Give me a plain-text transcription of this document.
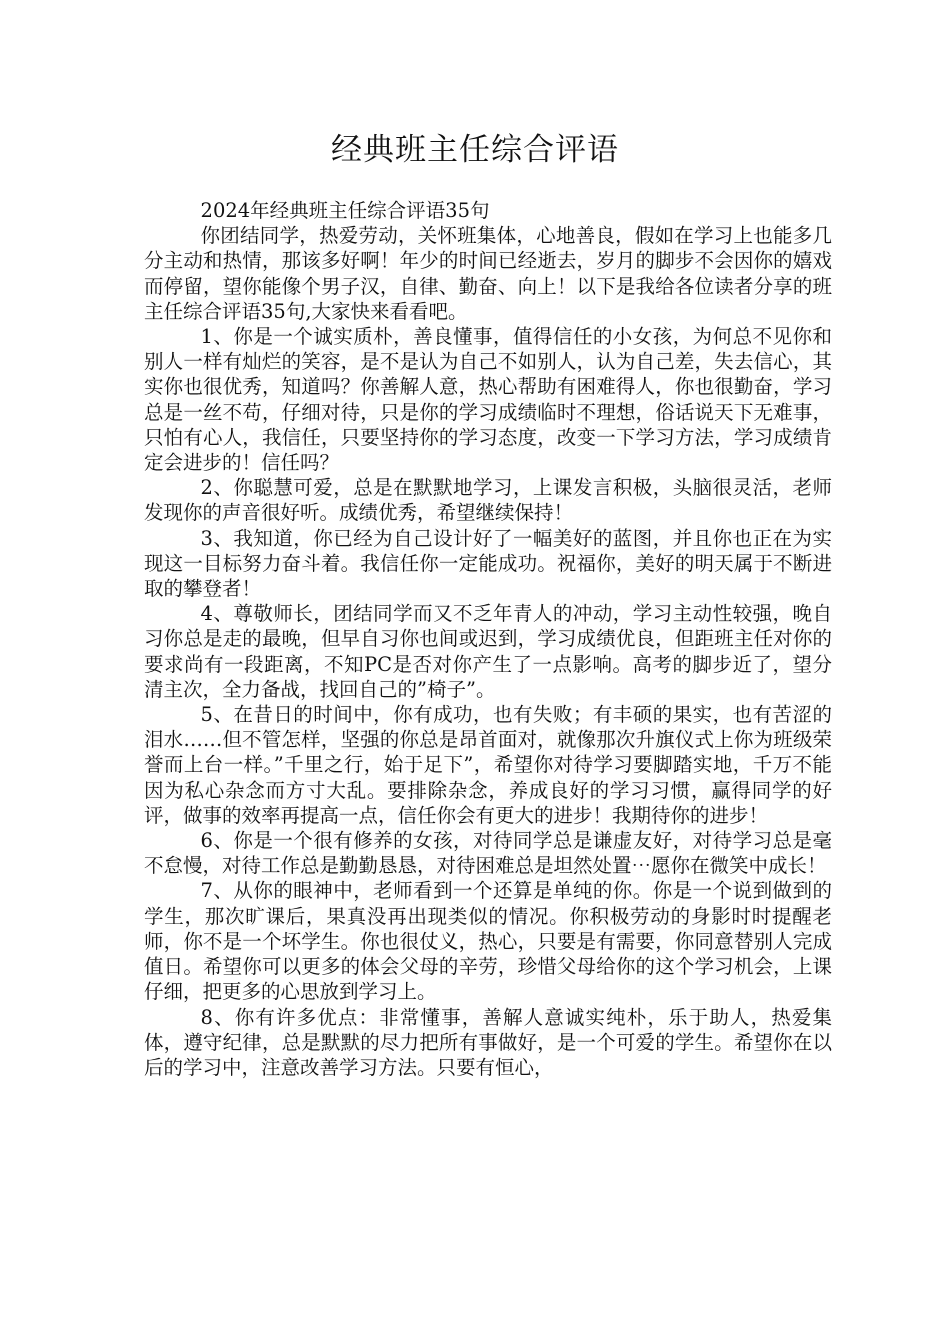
经典班主任综合评语

2024年经典班主任综合评语35句

你团结同学，热爱劳动，关怀班集体，心地善良，假如在学习上也能多几分主动和热情，那该多好啊！年少的时间已经逝去，岁月的脚步不会因你的嬉戏而停留，望你能像个男子汉，自律、勤奋、向上！以下是我给各位读者分享的班主任综合评语35句,大家快来看看吧。

1、你是一个诚实质朴，善良懂事，值得信任的小女孩，为何总不见你和别人一样有灿烂的笑容，是不是认为自己不如别人，认为自己差，失去信心，其实你也很优秀，知道吗？你善解人意，热心帮助有困难得人，你也很勤奋，学习总是一丝不苟，仔细对待，只是你的学习成绩临时不理想，俗话说天下无难事，只怕有心人，我信任，只要坚持你的学习态度，改变一下学习方法，学习成绩肯定会进步的！信任吗？

2、你聪慧可爱，总是在默默地学习，上课发言积极，头脑很灵活，老师发现你的声音很好听。成绩优秀，希望继续保持！

3、我知道，你已经为自己设计好了一幅美好的蓝图，并且你也正在为实现这一目标努力奋斗着。我信任你一定能成功。祝福你，美好的明天属于不断进取的攀登者！

4、尊敬师长，团结同学而又不乏年青人的冲动，学习主动性较强，晚自习你总是走的最晚，但早自习你也间或迟到，学习成绩优良，但距班主任对你的要求尚有一段距离，不知PC是否对你产生了一点影响。高考的脚步近了，望分清主次，全力备战，找回自己的”椅子”。

5、在昔日的时间中，你有成功，也有失败；有丰硕的果实，也有苦涩的泪水……但不管怎样，坚强的你总是昂首面对，就像那次升旗仪式上你为班级荣誉而上台一样。”千里之行，始于足下”，希望你对待学习要脚踏实地，千万不能因为私心杂念而方寸大乱。要排除杂念，养成良好的学习习惯，赢得同学的好评，做事的效率再提高一点，信任你会有更大的进步！我期待你的进步！

6、你是一个很有修养的女孩，对待同学总是谦虚友好，对待学习总是毫不怠慢，对待工作总是勤勤恳恳，对待困难总是坦然处置⋯愿你在微笑中成长！

7、从你的眼神中，老师看到一个还算是单纯的你。你是一个说到做到的学生，那次旷课后，果真没再出现类似的情况。你积极劳动的身影时时提醒老师，你不是一个坏学生。你也很仗义，热心，只要是有需要，你同意替别人完成值日。希望你可以更多的体会父母的辛劳，珍惜父母给你的这个学习机会，上课仔细，把更多的心思放到学习上。

8、你有许多优点：非常懂事，善解人意诚实纯朴，乐于助人，热爱集体，遵守纪律，总是默默的尽力把所有事做好，是一个可爱的学生。希望你在以后的学习中，注意改善学习方法。只要有恒心，
